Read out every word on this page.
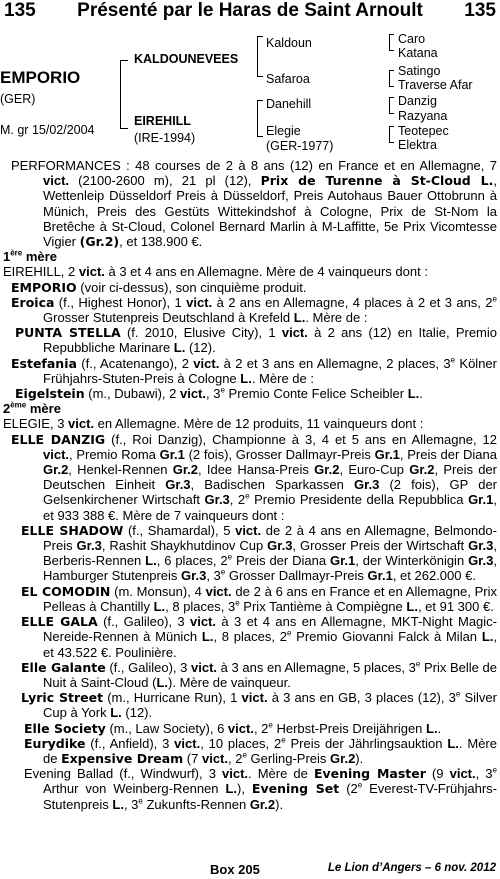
135	Présenté par le Haras de Saint Arnoult	135
EMPORIO
(GER)
M. gr 15/02/2004
KALDOUNEVEES
EIREHILL
(IRE-1994)
Kaldoun
Safaroa
Danehill
Elegie
(GER-1977)
Caro
Katana
Satingo
Traverse Afar
Danzig
Razyana
Teotepec
Elektra

PERFORMANCES : 48 courses de 2 à 8 ans (12) en France et en Allemagne, 7 vict. (2100-2600 m), 21 pl (12), Prix de Turenne à St-Cloud L., Wettenleip Düsseldorf Preis à Düsseldorf, Preis Autohaus Bauer Ottobrunn à Münich, Preis des Gestüts Wittekindshof à Cologne, Prix de St-Nom la Bretêche à St-Cloud, Colonel Bernard Marlin à M-Laffitte, 5e Prix Vicomtesse Vigier (Gr.2), et 138.900 €.

1ère mère

EIREHILL, 2 vict. à 3 et 4 ans en Allemagne. Mère de 4 vainqueurs dont :

EMPORIO (voir ci-dessus), son cinquième produit.

Eroica (f., Highest Honor), 1 vict. à 2 ans en Allemagne, 4 places à 2 et 3 ans, 2e Grosser Stutenpreis Deutschland à Krefeld L.. Mère de :

PUNTA STELLA (f. 2010, Elusive City), 1 vict. à 2 ans (12) en Italie, Premio Repubbliche Marinare L. (12).

Estefania (f., Acatenango), 2 vict. à 2 et 3 ans en Allemagne, 2 places, 3e Kölner Frühjahrs-Stuten-Preis à Cologne L.. Mère de :

Eigelstein (m., Dubawi), 2 vict., 3e Premio Conte Felice Scheibler L..

2ème mère

ELEGIE, 3 vict. en Allemagne. Mère de 12 produits, 11 vainqueurs dont :

ELLE DANZIG (f., Roi Danzig), Championne à 3, 4 et 5 ans en Allemagne, 12 vict., Premio Roma Gr.1 (2 fois), Grosser Dallmayr-Preis Gr.1, Preis der Diana Gr.2, Henkel-Rennen Gr.2, Idee Hansa-Preis Gr.2, Euro-Cup Gr.2, Preis der Deutschen Einheit Gr.3, Badischen Sparkassen Gr.3 (2 fois), GP der Gelsenkirchener Wirtschaft Gr.3, 2e Premio Presidente della Repubblica Gr.1, et 933 388 €. Mère de 7 vainqueurs dont :

ELLE SHADOW (f., Shamardal), 5 vict. de 2 à 4 ans en Allemagne, Belmondo-Preis Gr.3, Rashit Shaykhutdinov Cup Gr.3, Grosser Preis der Wirtschaft Gr.3, Berberis-Rennen L., 6 places, 2e Preis der Diana Gr.1, der Winterkönigin Gr.3, Hamburger Stutenpreis Gr.3, 3e Grosser Dallmayr-Preis Gr.1, et 262.000 €.

EL COMODIN (m. Monsun), 4 vict. de 2 à 6 ans en France et en Allemagne, Prix Pelleas à Chantilly L., 8 places, 3e Prix Tantième à Compiègne L., et 91 300 €.

ELLE GALA (f., Galileo), 3 vict. à 3 et 4 ans en Allemagne, MKT-Night Magic-Nereide-Rennen à Münich L., 8 places, 2e Premio Giovanni Falck à Milan L., et 43.522 €. Poulinière.

Elle Galante (f., Galileo), 3 vict. à 3 ans en Allemagne, 5 places, 3e Prix Belle de Nuit à Saint-Cloud (L.). Mère de vainqueur.

Lyric Street (m., Hurricane Run), 1 vict. à 3 ans en GB, 3 places (12), 3e Silver Cup à York L. (12).

Elle Society (m., Law Society), 6 vict., 2e Herbst-Preis Dreijährigen L..

Eurydike (f., Anfield), 3 vict., 10 places, 2e Preis der Jährlingsauktion L.. Mère de Expensive Dream (7 vict., 2e Gerling-Preis Gr.2).

Evening Ballad (f., Windwurf), 3 vict.. Mère de Evening Master (9 vict., 3e Arthur von Weinberg-Rennen L.), Evening Set (2e Everest-TV-Frühjahrs-Stutenpreis L., 3e Zukunfts-Rennen Gr.2).

Box 205	Le Lion d’Angers – 6 nov. 2012
